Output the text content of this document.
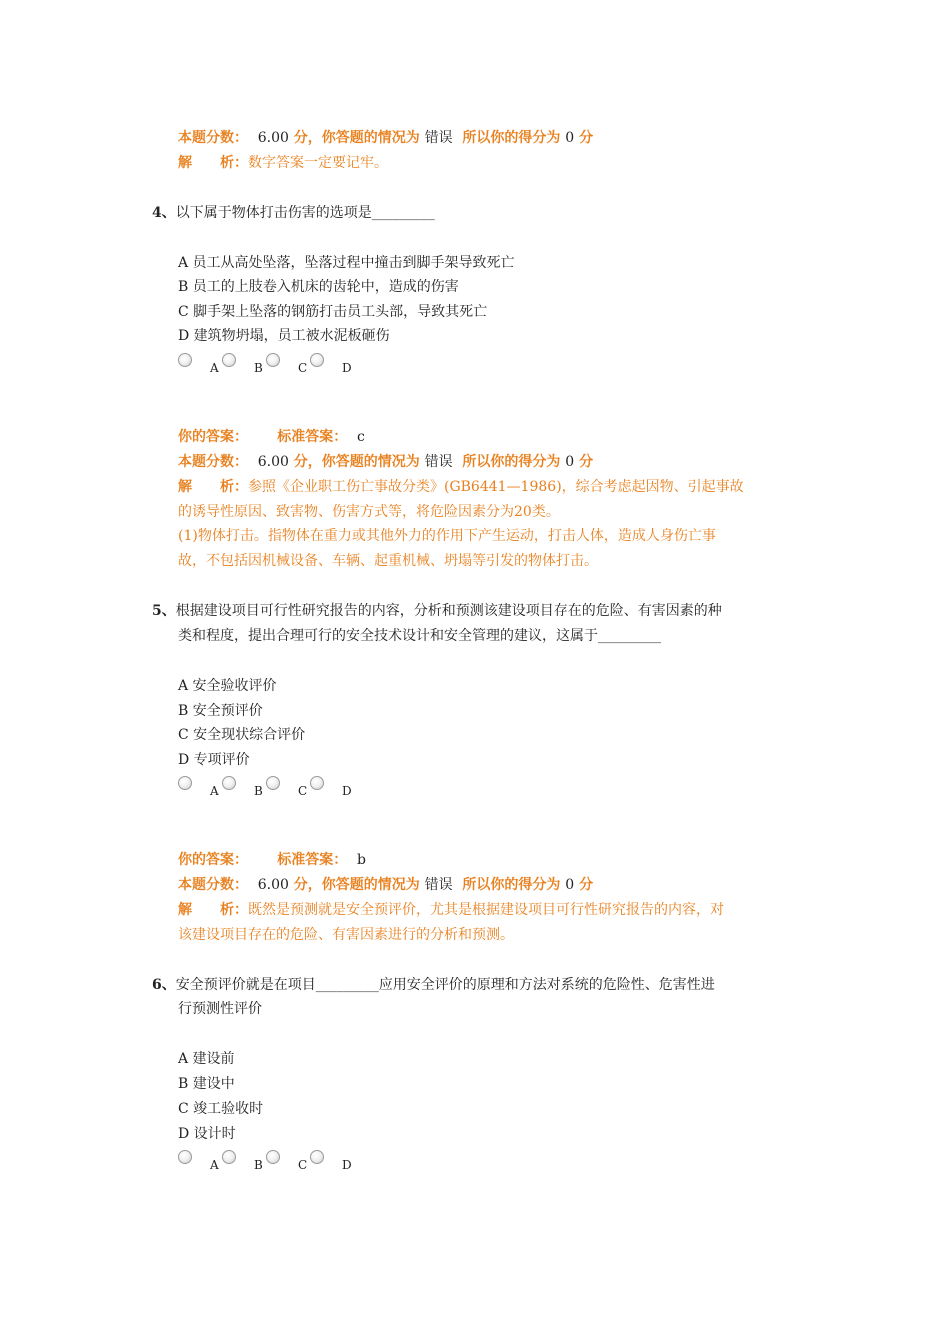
本题分数： 6.00 分，你答题的情况为 错误 所以你的得分为 0 分
解　　析：数字答案一定要记牢。
4、以下属于物体打击伤害的选项是_________
A 员工从高处坠落，坠落过程中撞击到脚手架导致死亡
B 员工的上肢卷入机床的齿轮中，造成的伤害
C 脚手架上坠落的钢筋打击员工头部，导致其死亡
D 建筑物坍塌，员工被水泥板砸伤
A	B	C	D
你的答案： 标准答案： c
本题分数： 6.00 分，你答题的情况为 错误 所以你的得分为 0 分
解　　析：参照《企业职工伤亡事故分类》(GB6441—1986)，综合考虑起因物、引起事故
的诱导性原因、致害物、伤害方式等，将危险因素分为20类。
(1)物体打击。指物体在重力或其他外力的作用下产生运动，打击人体，造成人身伤亡事
故，不包括因机械设备、车辆、起重机械、坍塌等引发的物体打击。
5、根据建设项目可行性研究报告的内容，分析和预测该建设项目存在的危险、有害因素的种
类和程度，提出合理可行的安全技术设计和安全管理的建议，这属于_________
A 安全验收评价
B 安全预评价
C 安全现状综合评价
D 专项评价
A	B	C	D
你的答案： 标准答案： b
本题分数： 6.00 分，你答题的情况为 错误 所以你的得分为 0 分
解　　析：既然是预测就是安全预评价，尤其是根据建设项目可行性研究报告的内容，对
该建设项目存在的危险、有害因素进行的分析和预测。
6、安全预评价就是在项目_________应用安全评价的原理和方法对系统的危险性、危害性进
行预测性评价
A 建设前
B 建设中
C 竣工验收时
D 设计时
A	B	C	D
